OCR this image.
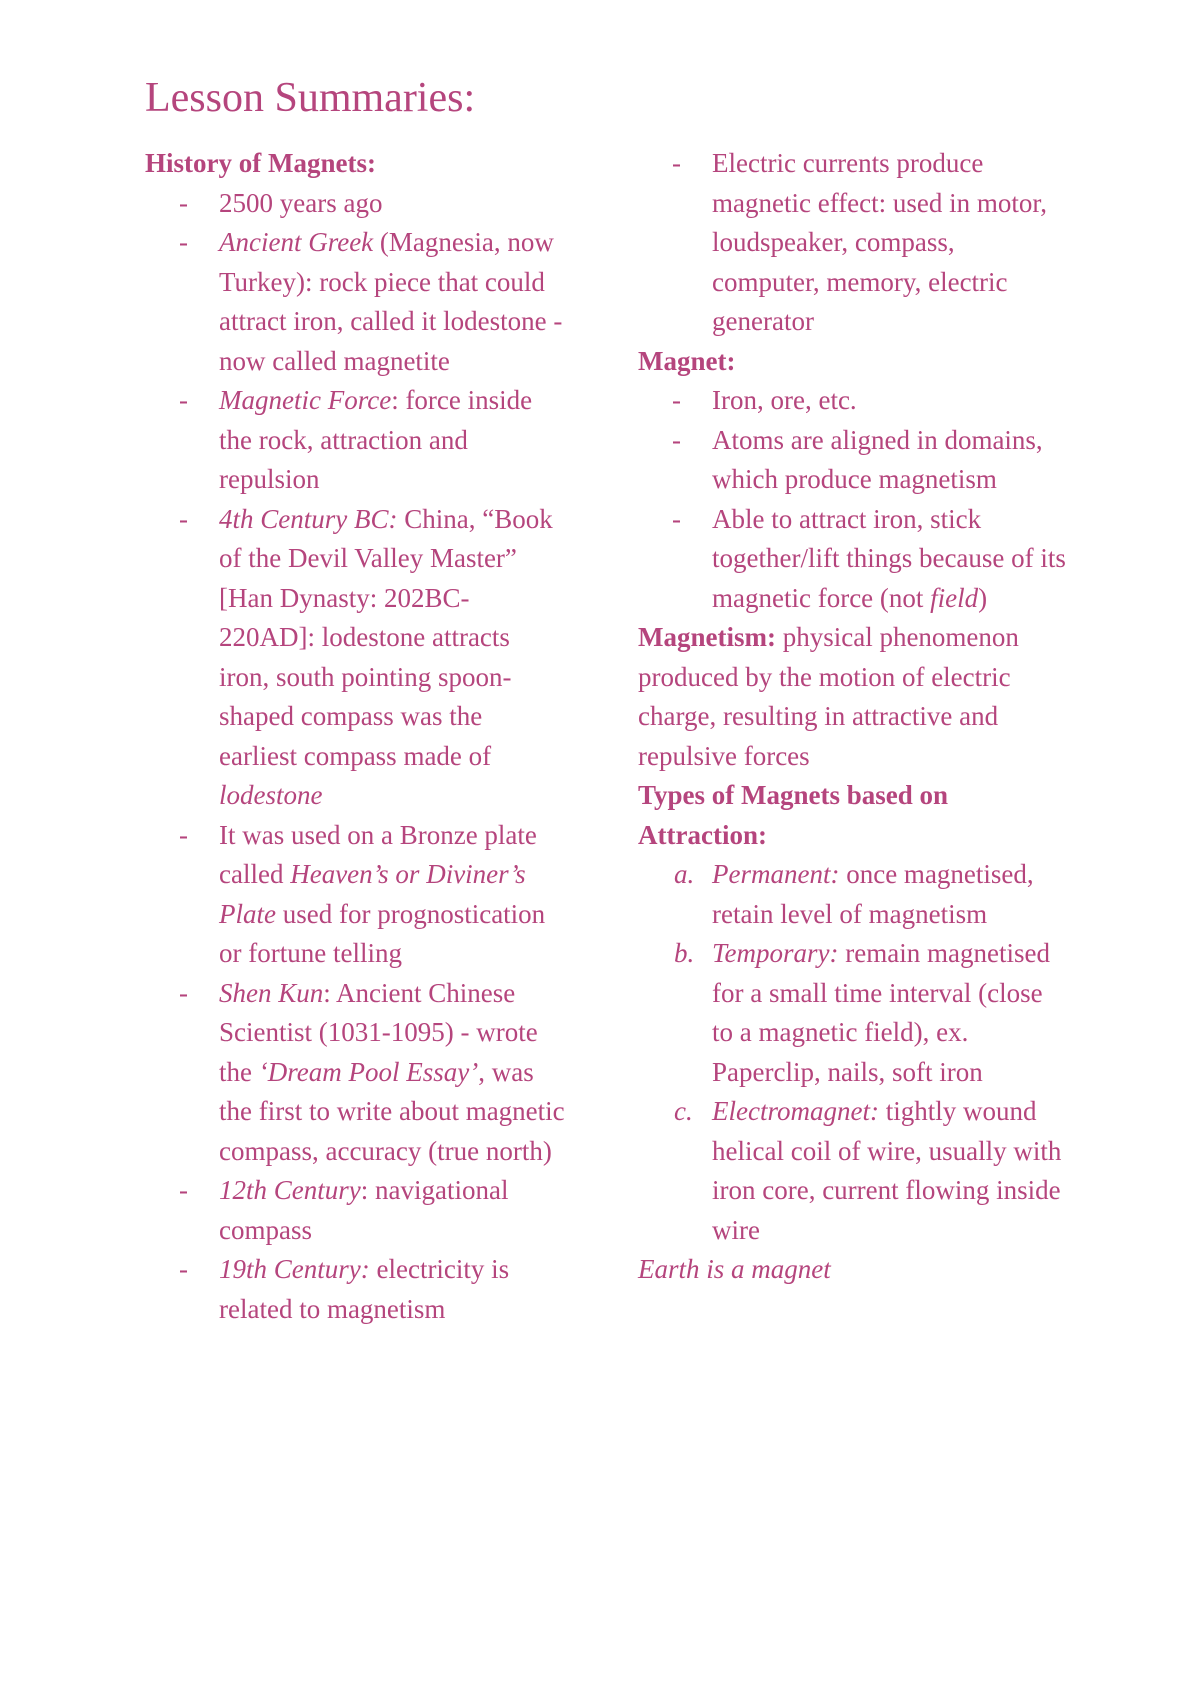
Lesson Summaries:

History of Magnets:

- 2500 years ago
- Ancient Greek (Magnesia, now Turkey): rock piece that could attract iron, called it lodestone - now called magnetite
- Magnetic Force: force inside the rock, attraction and repulsion
- 4th Century BC: China, “Book of the Devil Valley Master” [Han Dynasty: 202BC-220AD]: lodestone attracts iron, south pointing spoon-shaped compass was the earliest compass made of lodestone
- It was used on a Bronze plate called Heaven’s or Diviner’s Plate used for prognostication or fortune telling
- Shen Kun: Ancient Chinese Scientist (1031-1095) - wrote the ‘Dream Pool Essay’, was the first to write about magnetic compass, accuracy (true north)
- 12th Century: navigational compass
- 19th Century: electricity is related to magnetism
- Electric currents produce magnetic effect: used in motor, loudspeaker, compass, computer, memory, electric generator

Magnet:

- Iron, ore, etc.
- Atoms are aligned in domains, which produce magnetism
- Able to attract iron, stick together/lift things because of its magnetic force (not field)

Magnetism: physical phenomenon produced by the motion of electric charge, resulting in attractive and repulsive forces

Types of Magnets based on Attraction:

a. Permanent: once magnetised, retain level of magnetism
b. Temporary: remain magnetised for a small time interval (close to a magnetic field), ex. Paperclip, nails, soft iron
c. Electromagnet: tightly wound helical coil of wire, usually with iron core, current flowing inside wire

Earth is a magnet
